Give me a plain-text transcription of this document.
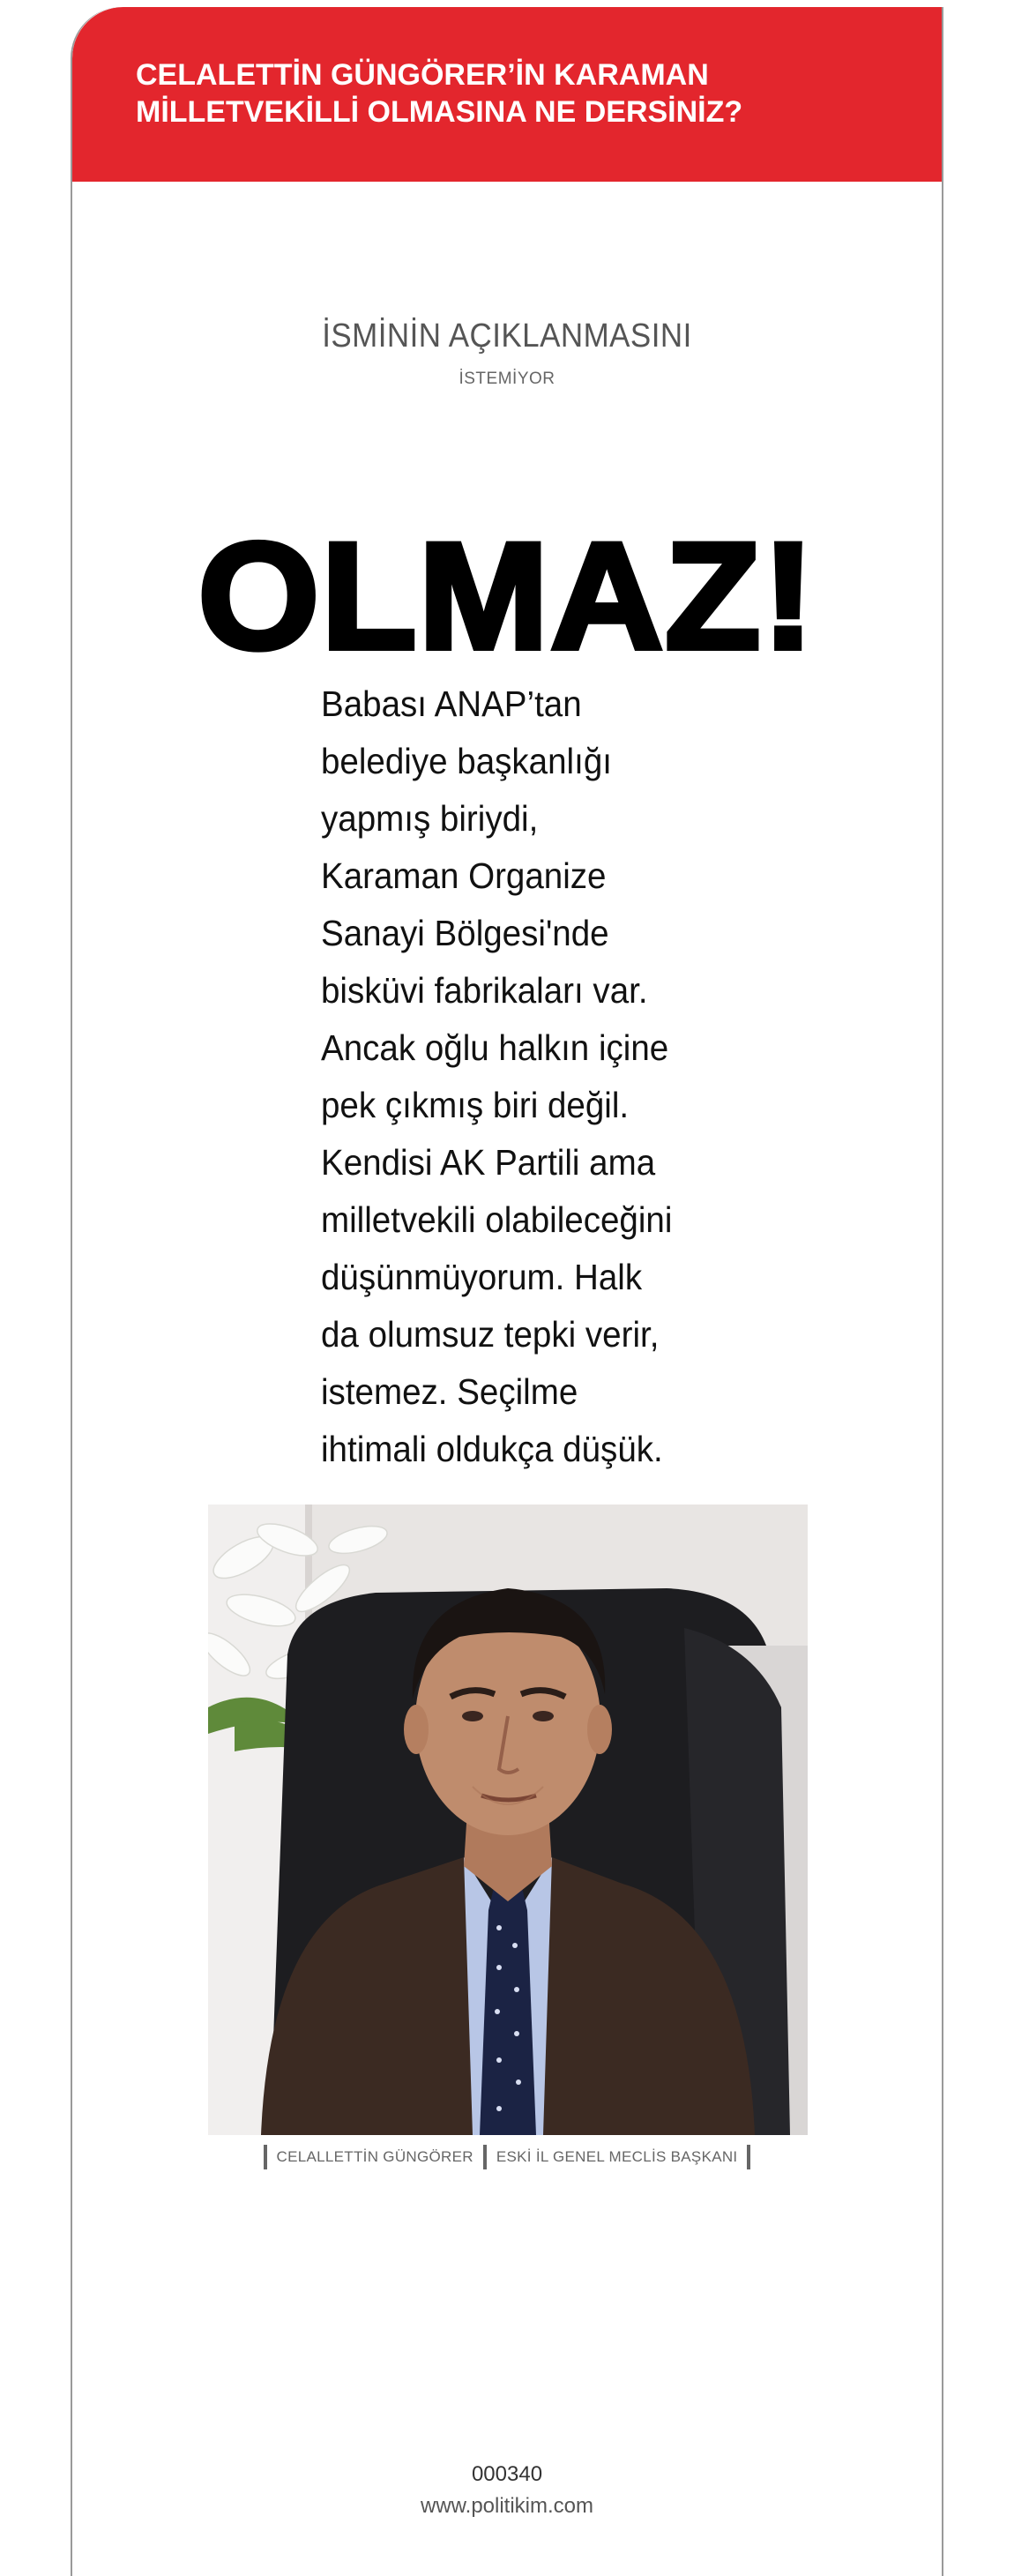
CELALETTİN GÜNGÖRER’İN KARAMAN
MİLLETVEKİLLİ OLMASINA NE DERSİNİZ?
İSMİNİN AÇIKLANMASINI
İSTEMİYOR
OLMAZ!
Babası ANAP’tan
belediye başkanlığı
yapmış biriydi,
Karaman Organize
Sanayi Bölgesi'nde
bisküvi fabrikaları var.
Ancak oğlu halkın içine
pek çıkmış biri değil.
Kendisi AK Partili ama
milletvekili olabileceğini
düşünmüyorum. Halk
da olumsuz tepki verir,
istemez. Seçilme
ihtimali oldukça düşük.
CELALLETTİN GÜNGÖRER ESKİ İL GENEL MECLİS BAŞKANI
000340
www.politikim.com
